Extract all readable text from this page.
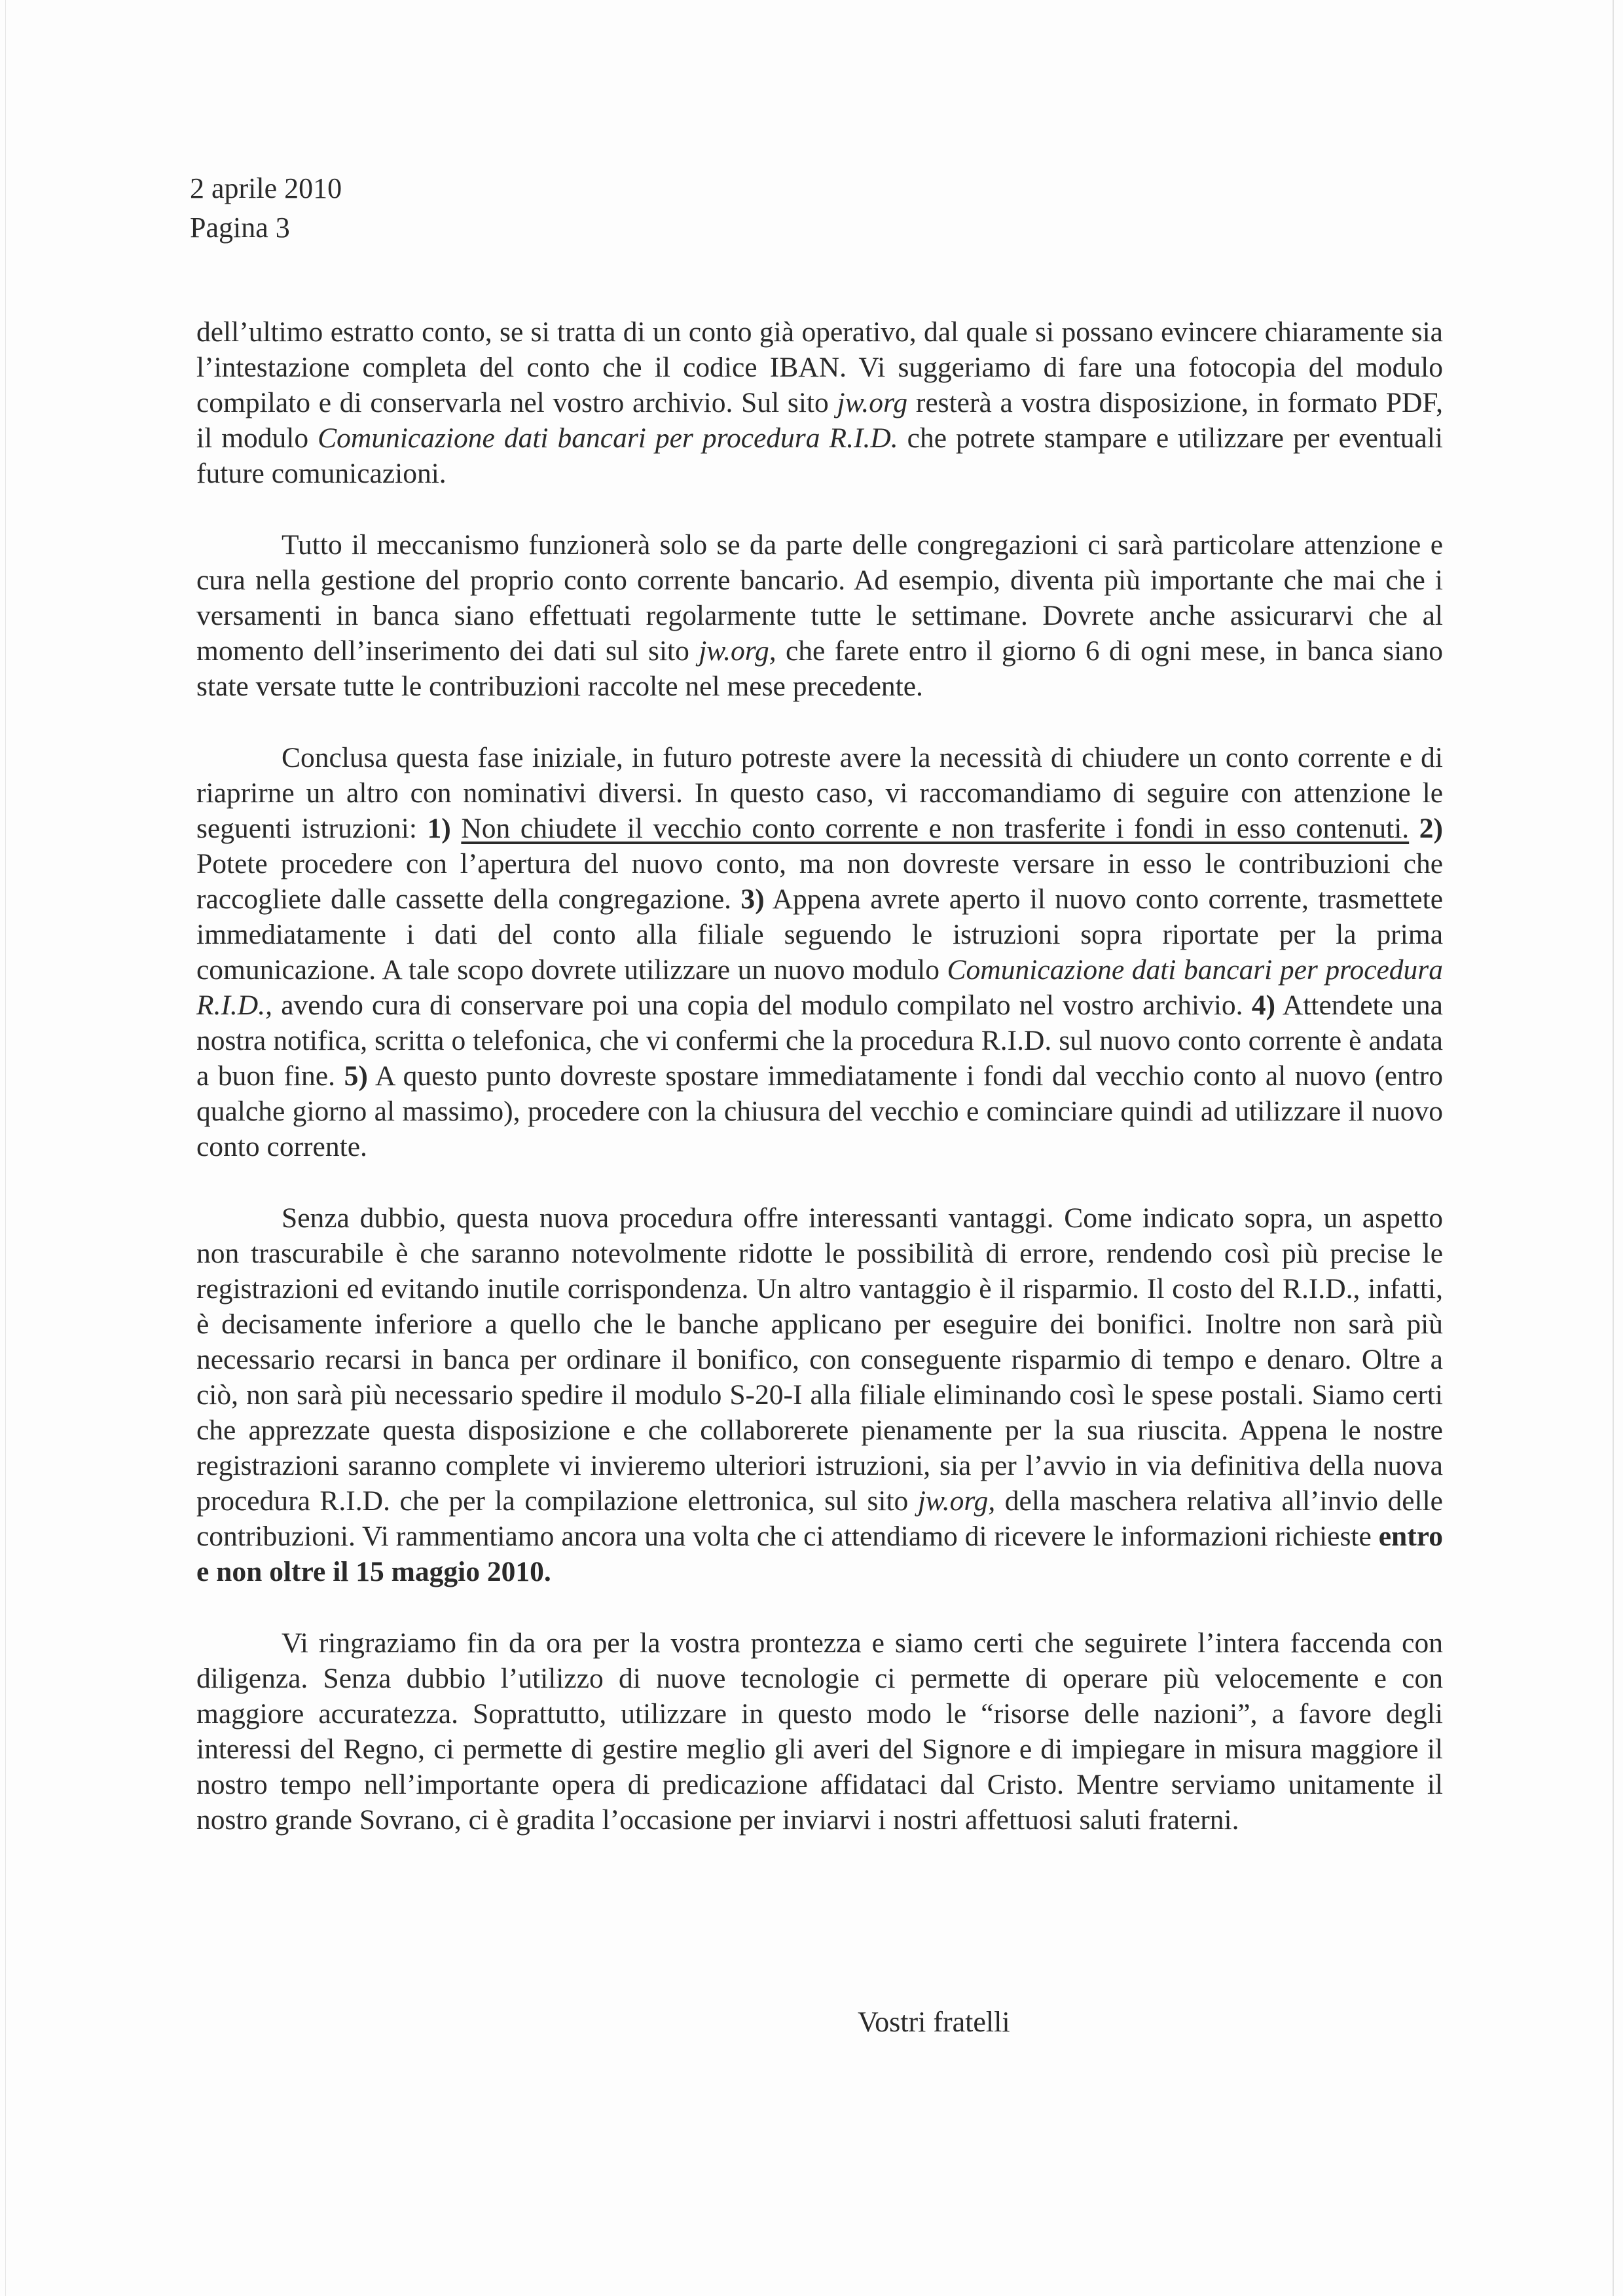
2 aprile 2010
Pagina 3

dell’ultimo estratto conto, se si tratta di un conto già operativo, dal quale si possano evincere chiaramente sia l’intestazione completa del conto che il codice IBAN. Vi suggeriamo di fare una fotocopia del modulo compilato e di conservarla nel vostro archivio. Sul sito jw.org resterà a vostra disposizione, in formato PDF, il modulo Comunicazione dati bancari per procedura R.I.D. che potrete stampare e utilizzare per eventuali future comunicazioni.

Tutto il meccanismo funzionerà solo se da parte delle congregazioni ci sarà particolare attenzione e cura nella gestione del proprio conto corrente bancario. Ad esempio, diventa più importante che mai che i versamenti in banca siano effettuati regolarmente tutte le settimane. Dovrete anche assicurarvi che al momento dell’inserimento dei dati sul sito jw.org, che farete entro il giorno 6 di ogni mese, in banca siano state versate tutte le contribuzioni raccolte nel mese precedente.

Conclusa questa fase iniziale, in futuro potreste avere la necessità di chiudere un conto corrente e di riaprirne un altro con nominativi diversi. In questo caso, vi raccomandiamo di seguire con attenzione le seguenti istruzioni: 1) Non chiudete il vecchio conto corrente e non trasferite i fondi in esso contenuti. 2) Potete procedere con l’apertura del nuovo conto, ma non dovreste versare in esso le contribuzioni che raccogliete dalle cassette della congregazione. 3) Appena avrete aperto il nuovo conto corrente, trasmettete immediatamente i dati del conto alla filiale seguendo le istruzioni sopra riportate per la prima comunicazione. A tale scopo dovrete utilizzare un nuovo modulo Comunicazione dati bancari per procedura R.I.D., avendo cura di conservare poi una copia del modulo compilato nel vostro archivio. 4) Attendete una nostra notifica, scritta o telefonica, che vi confermi che la procedura R.I.D. sul nuovo conto corrente è andata a buon fine. 5) A questo punto dovreste spostare immediatamente i fondi dal vecchio conto al nuovo (entro qualche giorno al massimo), procedere con la chiusura del vecchio e cominciare quindi ad utilizzare il nuovo conto corrente.

Senza dubbio, questa nuova procedura offre interessanti vantaggi. Come indicato sopra, un aspetto non trascurabile è che saranno notevolmente ridotte le possibilità di errore, rendendo così più precise le registrazioni ed evitando inutile corrispondenza. Un altro vantaggio è il risparmio. Il costo del R.I.D., infatti, è decisamente inferiore a quello che le banche applicano per eseguire dei bonifici. Inoltre non sarà più necessario recarsi in banca per ordinare il bonifico, con conseguente risparmio di tempo e denaro. Oltre a ciò, non sarà più necessario spedire il modulo S-20-I alla filiale eliminando così le spese postali. Siamo certi che apprezzate questa disposizione e che collaborerete pienamente per la sua riuscita. Appena le nostre registrazioni saranno complete vi invieremo ulteriori istruzioni, sia per l’avvio in via definitiva della nuova procedura R.I.D. che per la compilazione elettronica, sul sito jw.org, della maschera relativa all’invio delle contribuzioni. Vi rammentiamo ancora una volta che ci attendiamo di ricevere le informazioni richieste entro e non oltre il 15 maggio 2010.

Vi ringraziamo fin da ora per la vostra prontezza e siamo certi che seguirete l’intera faccenda con diligenza. Senza dubbio l’utilizzo di nuove tecnologie ci permette di operare più velocemente e con maggiore accuratezza. Soprattutto, utilizzare in questo modo le “risorse delle nazioni”, a favore degli interessi del Regno, ci permette di gestire meglio gli averi del Signore e di impiegare in misura maggiore il nostro tempo nell’importante opera di predicazione affidataci dal Cristo. Mentre serviamo unitamente il nostro grande Sovrano, ci è gradita l’occasione per inviarvi i nostri affettuosi saluti fraterni.

Vostri fratelli
